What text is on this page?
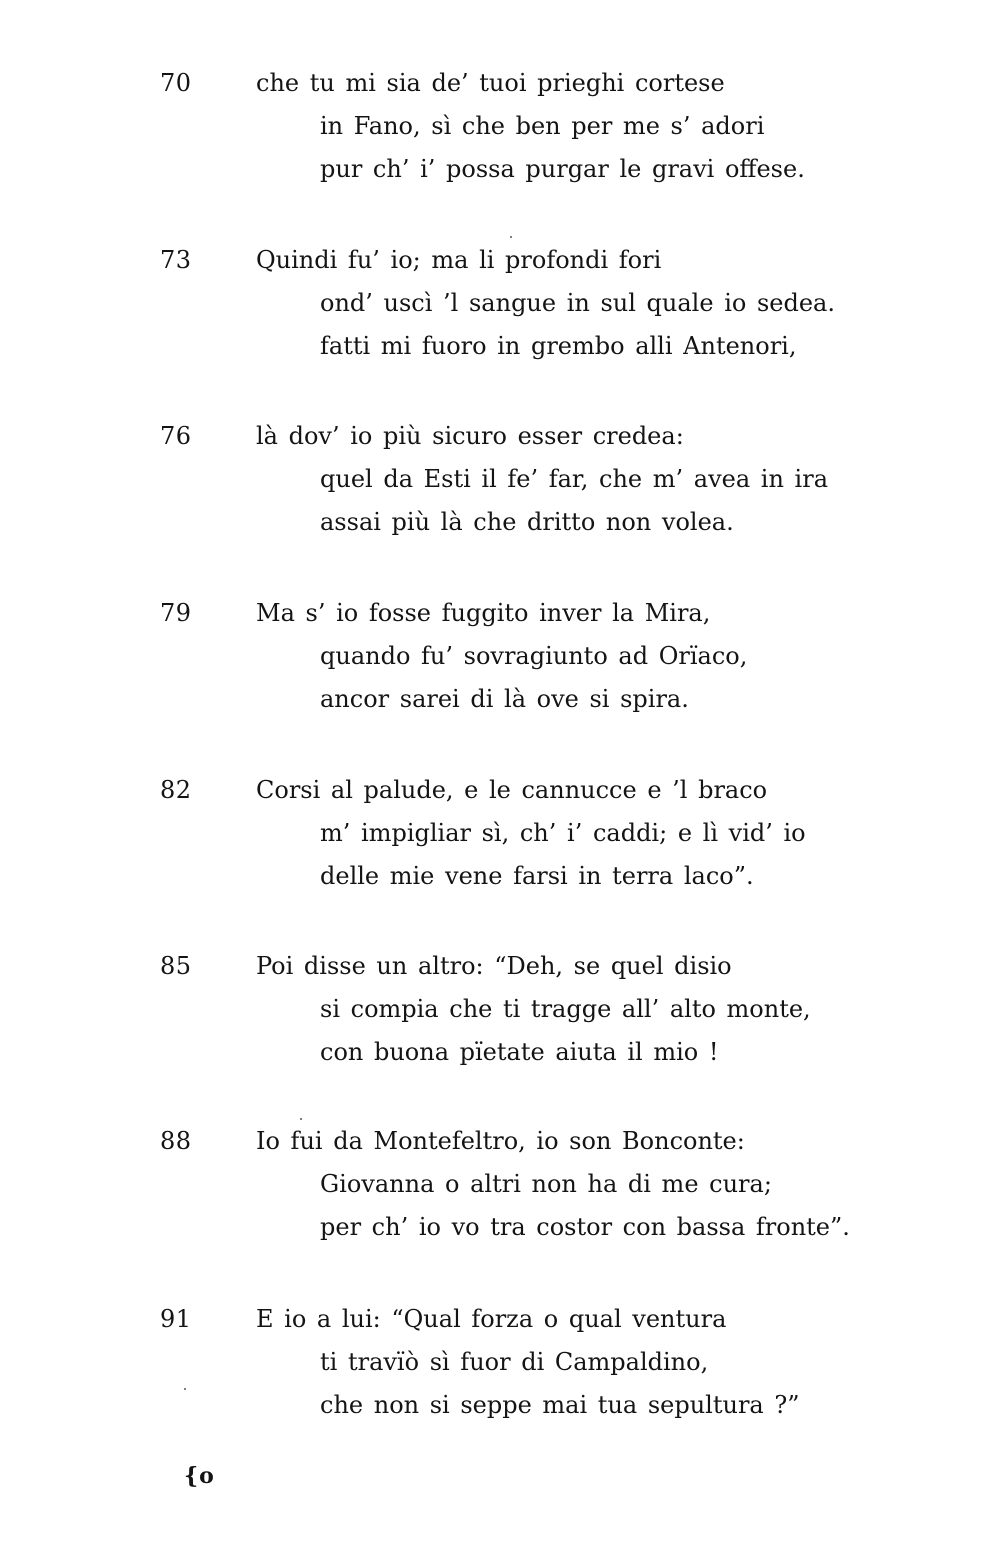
70	che tu mi sia de’ tuoi prieghi cortese
in Fano, sì che ben per me s’ adori
pur ch’ i’ possa purgar le gravi offese.
73	Quindi fu’ io; ma li profondi fori
ond’ uscì ’l sangue in sul quale io sedea.
fatti mi fuoro in grembo alli Antenori,
76	là dov’ io più sicuro esser credea:
quel da Esti il fe’ far, che m’ avea in ira
assai più là che dritto non volea.
79	Ma s’ io fosse fuggito inver la Mira,
quando fu’ sovragiunto ad Orïaco,
ancor sarei di là ove si spira.
82	Corsi al palude, e le cannucce e ’l braco
m’ impigliar sì, ch’ i’ caddi; e lì vid’ io
delle mie vene farsi in terra laco”.
85	Poi disse un altro: “Deh, se quel disio
si compia che ti tragge all’ alto monte,
con buona pïetate aiuta il mio !
88	Io fui da Montefeltro, io son Bonconte:
Giovanna o altri non ha di me cura;
per ch’ io vo tra costor con bassa fronte”.
91	E io a lui: “Qual forza o qual ventura
ti travïò sì fuor di Campaldino,
che non si seppe mai tua sepultura ?”
{o
